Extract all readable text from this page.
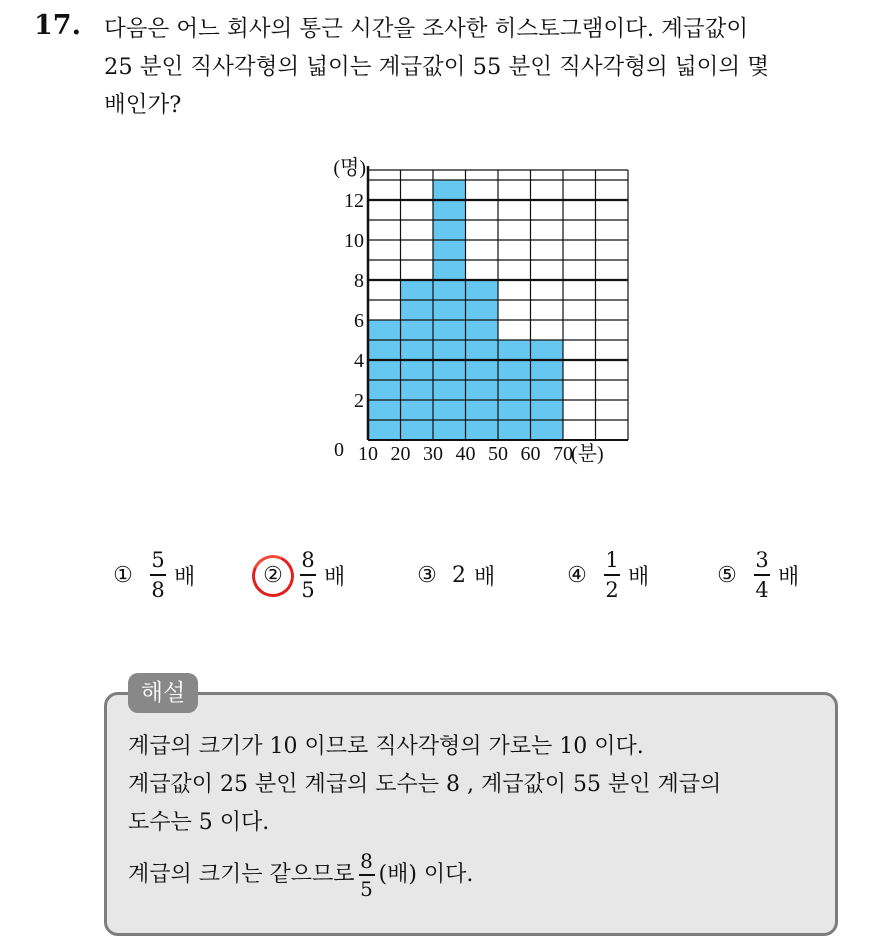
17. 다음은 어느 회사의 통근 시간을 조사한 히스토그램이다. 계급값이
25 분인 직사각형의 넓이는 계급값이 55 분인 직사각형의 넓이의 몇
배인가?
0
2
4
6
8
10
12
10 20 30 40 50 60 70
(명)
(분)
① $\frac{5}{8}$ 배	② $\frac{8}{5}$ 배	③ 2 배	④ $\frac{1}{2}$ 배	⑤ $\frac{3}{4}$ 배
해설
계급의 크기가 10 이므로 직사각형의 가로는 10 이다.
계급값이 25 분인 계급의 도수는 8 , 계급값이 55 분인 계급의
도수는 5 이다.
계급의 크기는 같으므로 $\frac{8}{5}$ (배) 이다.
